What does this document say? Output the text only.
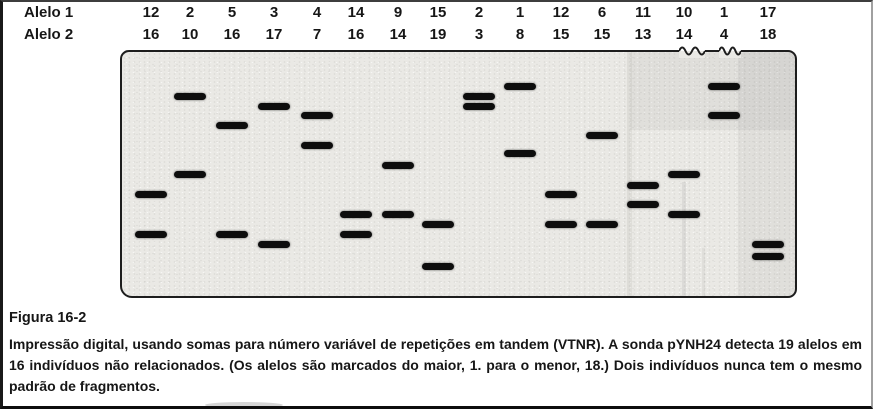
Alelo 1
Alelo 2
12
16
2
10
5
16
3
17
4
7
14
16
9
14
15
19
2
3
1
8
12
15
6
15
11
13
10
14
1
4
17
18
Figura 16-2

Impressão digital, usando somas para número variável de repetições em tandem (VTNR). A sonda pYNH24 detecta 19 alelos em 16 indivíduos não relacionados. (Os alelos são marcados do maior, 1. para o menor, 18.) Dois indivíduos nunca tem o mesmo padrão de fragmentos.
